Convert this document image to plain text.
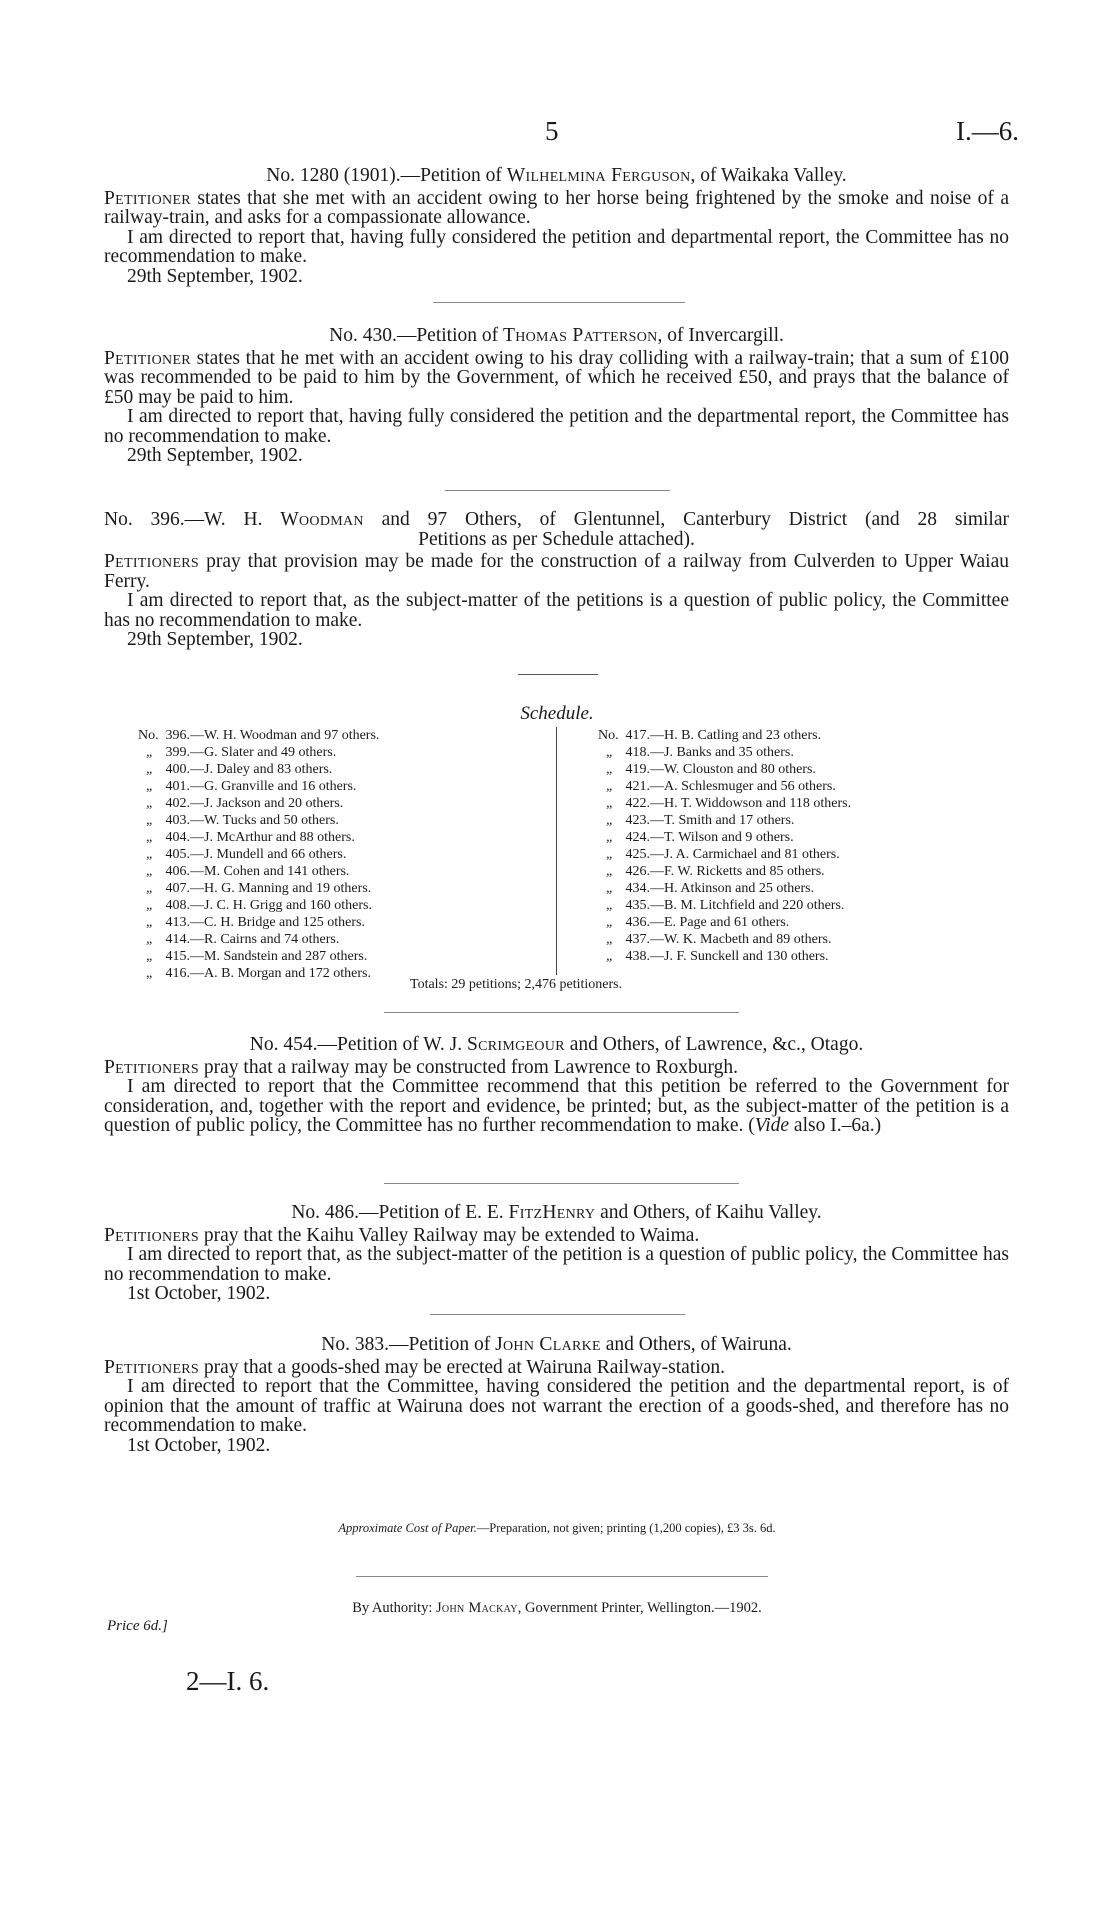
5	I.—6.
No. 1280 (1901).—Petition of Wilhelmina Ferguson, of Waikaka Valley.

Petitioner states that she met with an accident owing to her horse being frightened by the smoke and noise of a railway-train, and asks for a compassionate allowance.

I am directed to report that, having fully considered the petition and departmental report, the Committee has no recommendation to make.

29th September, 1902.

No. 430.—Petition of Thomas Patterson, of Invercargill.

Petitioner states that he met with an accident owing to his dray colliding with a railway-train; that a sum of £100 was recommended to be paid to him by the Government, of which he received £50, and prays that the balance of £50 may be paid to him.

I am directed to report that, having fully considered the petition and the departmental report, the Committee has no recommendation to make.

29th September, 1902.

No. 396.—W. H. Woodman and 97 Others, of Glentunnel, Canterbury District (and 28 similar
Petitions as per Schedule attached).

Petitioners pray that provision may be made for the construction of a railway from Culverden to Upper Waiau Ferry.

I am directed to report that, as the subject-matter of the petitions is a question of public policy, the Committee has no recommendation to make.

29th September, 1902.

Schedule.
No. 396.—W. H. Woodman and 97 others.
„ 399.—G. Slater and 49 others.
„ 400.—J. Daley and 83 others.
„ 401.—G. Granville and 16 others.
„ 402.—J. Jackson and 20 others.
„ 403.—W. Tucks and 50 others.
„ 404.—J. McArthur and 88 others.
„ 405.—J. Mundell and 66 others.
„ 406.—M. Cohen and 141 others.
„ 407.—H. G. Manning and 19 others.
„ 408.—J. C. H. Grigg and 160 others.
„ 413.—C. H. Bridge and 125 others.
„ 414.—R. Cairns and 74 others.
„ 415.—M. Sandstein and 287 others.
„ 416.—A. B. Morgan and 172 others.
No. 417.—H. B. Catling and 23 others.
„ 418.—J. Banks and 35 others.
„ 419.—W. Clouston and 80 others.
„ 421.—A. Schlesmuger and 56 others.
„ 422.—H. T. Widdowson and 118 others.
„ 423.—T. Smith and 17 others.
„ 424.—T. Wilson and 9 others.
„ 425.—J. A. Carmichael and 81 others.
„ 426.—F. W. Ricketts and 85 others.
„ 434.—H. Atkinson and 25 others.
„ 435.—B. M. Litchfield and 220 others.
„ 436.—E. Page and 61 others.
„ 437.—W. K. Macbeth and 89 others.
„ 438.—J. F. Sunckell and 130 others.
Totals: 29 petitions; 2,476 petitioners.
No. 454.—Petition of W. J. Scrimgeour and Others, of Lawrence, &c., Otago.

Petitioners pray that a railway may be constructed from Lawrence to Roxburgh.

I am directed to report that the Committee recommend that this petition be referred to the Government for consideration, and, together with the report and evidence, be printed; but, as the subject-matter of the petition is a question of public policy, the Committee has no further recommendation to make. (Vide also I.–6a.)

No. 486.—Petition of E. E. FitzHenry and Others, of Kaihu Valley.

Petitioners pray that the Kaihu Valley Railway may be extended to Waima.

I am directed to report that, as the subject-matter of the petition is a question of public policy, the Committee has no recommendation to make.

1st October, 1902.

No. 383.—Petition of John Clarke and Others, of Wairuna.

Petitioners pray that a goods-shed may be erected at Wairuna Railway-station.

I am directed to report that the Committee, having considered the petition and the departmental report, is of opinion that the amount of traffic at Wairuna does not warrant the erection of a goods-shed, and therefore has no recommendation to make.

1st October, 1902.

Approximate Cost of Paper.—Preparation, not given; printing (1,200 copies), £3 3s. 6d.
By Authority: John Mackay, Government Printer, Wellington.—1902.
Price 6d.]
2—I. 6.
